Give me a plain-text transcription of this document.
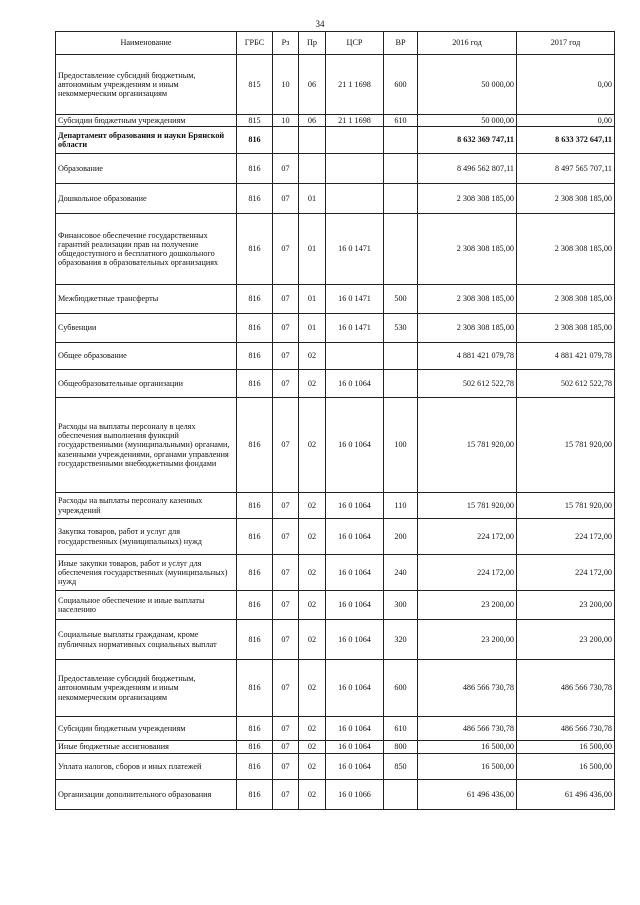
34
Наименование	ГРБС	Рз	Пр	ЦСР	ВР	2016 год	2017 год
Предоставление субсидий бюджетным, автономным учреждениям и иным некоммерческим организациям	815	10	06	21 1 1698	600	50 000,00	0,00
Субсидии бюджетным учреждениям	815	10	06	21 1 1698	610	50 000,00	0,00
Департамент образования и науки Брянской области	816					8 632 369 747,11	8 633 372 647,11
Образование	816	07				8 496 562 807,11	8 497 565 707,11
Дошкольное образование	816	07	01			2 308 308 185,00	2 308 308 185,00
Финансовое обеспечение государственных гарантий реализации прав на получение общедоступного и бесплатного дошкольного образования в образовательных организациях	816	07	01	16 0 1471		2 308 308 185,00	2 308 308 185,00
Межбюджетные трансферты	816	07	01	16 0 1471	500	2 308 308 185,00	2 308 308 185,00
Субвенции	816	07	01	16 0 1471	530	2 308 308 185,00	2 308 308 185,00
Общее образование	816	07	02			4 881 421 079,78	4 881 421 079,78
Общеобразовательные организации	816	07	02	16 0 1064		502 612 522,78	502 612 522,78
Расходы на выплаты персоналу в целях обеспечения выполнения функций государственными (муниципальными) органами, казенными учреждениями, органами управления государственными внебюджетными фондами	816	07	02	16 0 1064	100	15 781 920,00	15 781 920,00
Расходы на выплаты персоналу казенных учреждений	816	07	02	16 0 1064	110	15 781 920,00	15 781 920,00
Закупка товаров, работ и услуг для государственных (муниципальных) нужд	816	07	02	16 0 1064	200	224 172,00	224 172,00
Иные закупки товаров, работ и услуг для обеспечения государственных (муниципальных) нужд	816	07	02	16 0 1064	240	224 172,00	224 172,00
Социальное обеспечение и иные выплаты населению	816	07	02	16 0 1064	300	23 200,00	23 200,00
Социальные выплаты гражданам, кроме публичных нормативных социальных выплат	816	07	02	16 0 1064	320	23 200,00	23 200,00
Предоставление субсидий бюджетным, автономным учреждениям и иным некоммерческим организациям	816	07	02	16 0 1064	600	486 566 730,78	486 566 730,78
Субсидии бюджетным учреждениям	816	07	02	16 0 1064	610	486 566 730,78	486 566 730,78
Иные бюджетные ассигнования	816	07	02	16 0 1064	800	16 500,00	16 500,00
Уплата налогов, сборов и иных платежей	816	07	02	16 0 1064	850	16 500,00	16 500,00
Организации дополнительного образования	816	07	02	16 0 1066		61 496 436,00	61 496 436,00
